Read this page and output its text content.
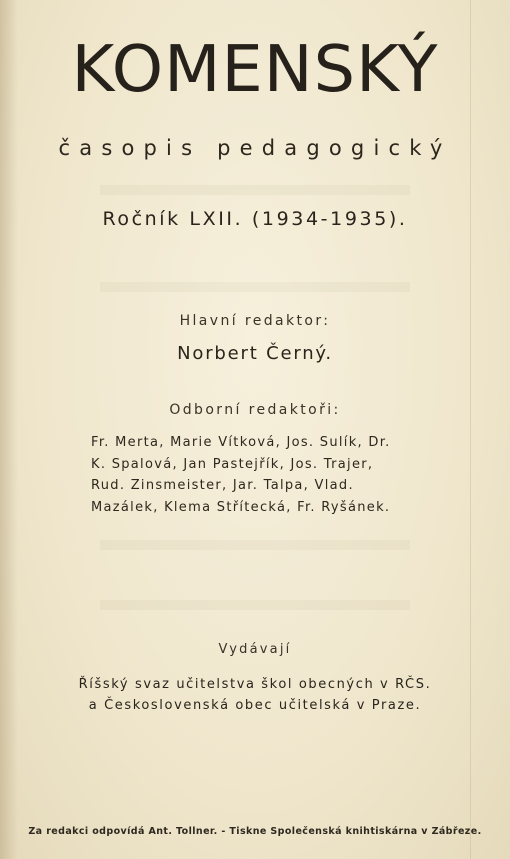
KOMENSKÝ
časopis pedagogický
Ročník LXII. (1934-1935).
Hlavní redaktor:
Norbert Černý.
Odborní redaktoři:
Fr. Merta, Marie Vítková, Jos. Sulík, Dr.
K. Spalová, Jan Pastejřík, Jos. Trajer,
Rud. Zinsmeister, Jar. Talpa, Vlad.
Mazálek, Klema Střítecká, Fr. Ryšánek.
Vydávají
Říšský svaz učitelstva škol obecných v RČS.
a Československá obec učitelská v Praze.
Za redakci odpovídá Ant. Tollner. - Tiskne Společenská knihtiskárna v Zábřeze.
